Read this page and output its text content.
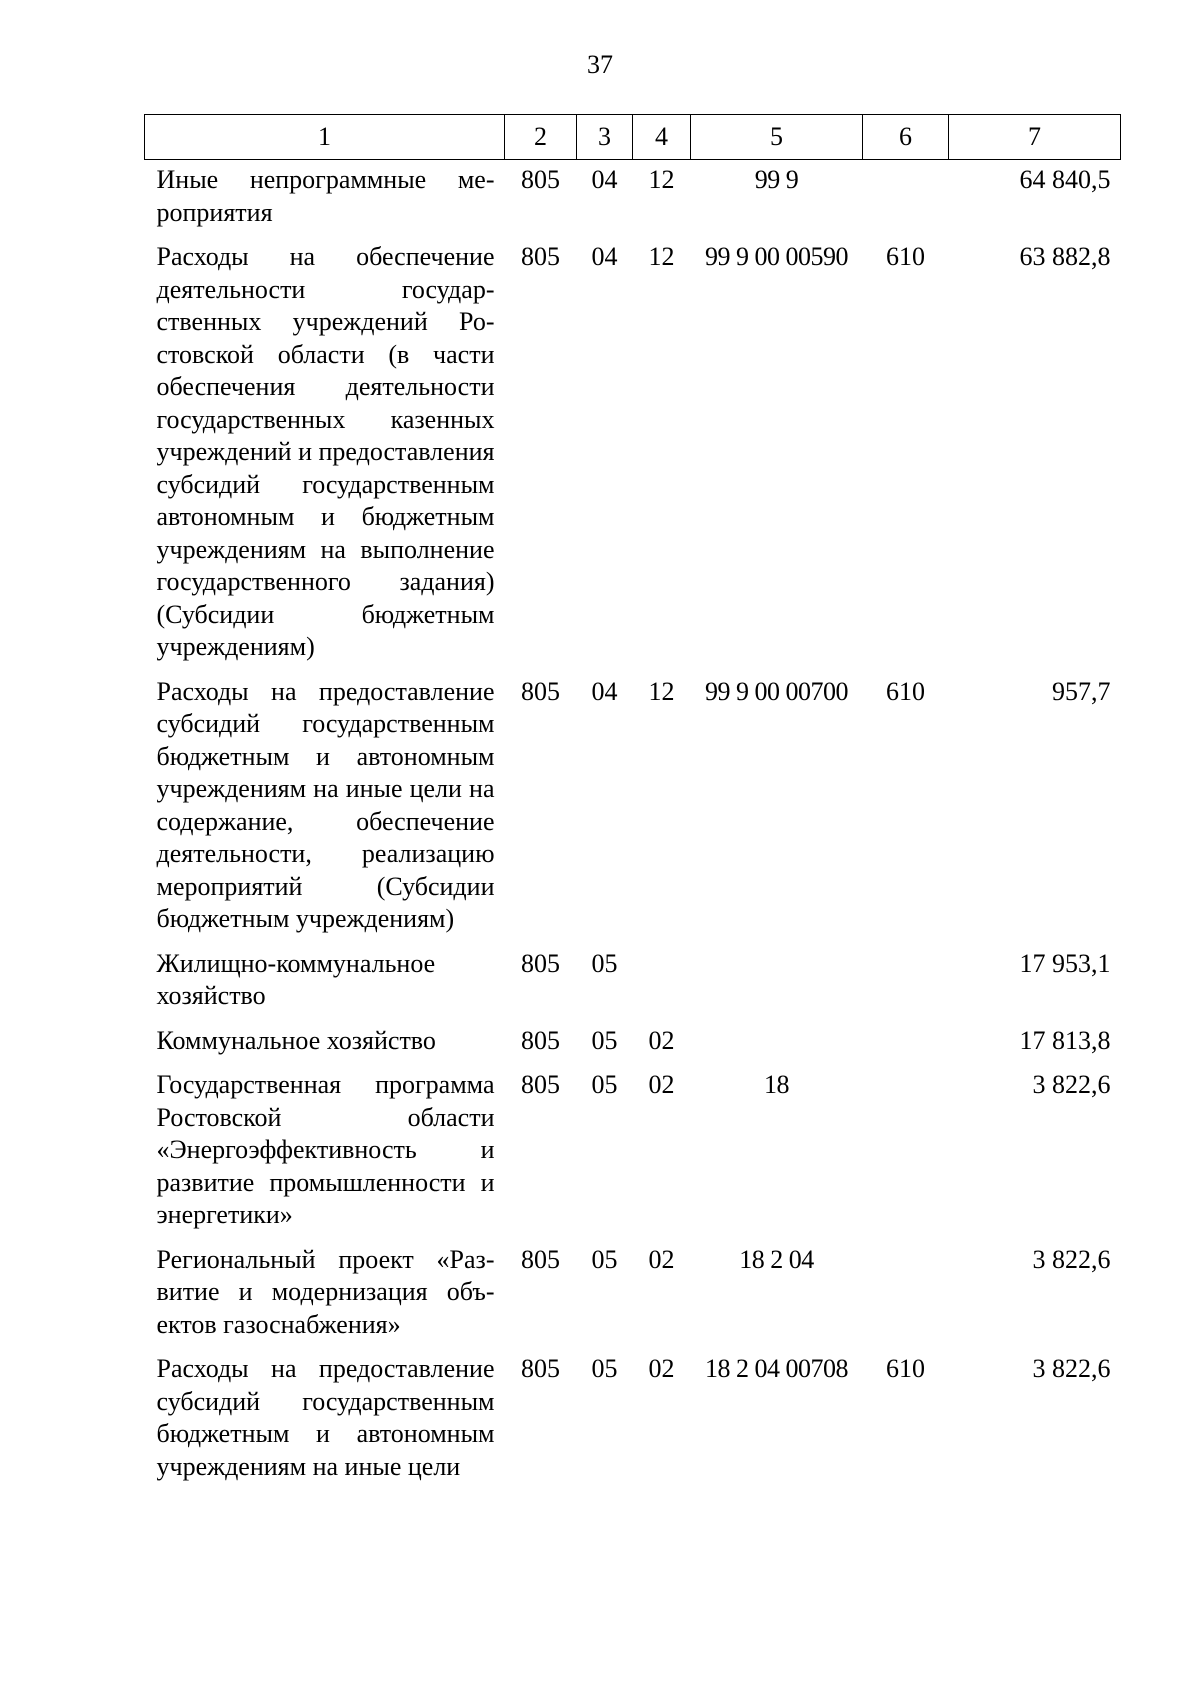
37
1	2	3	4	5	6	7
Иные непрограммные мероприятия	805	04	12	99 9		64 840,5
Расходы на обеспечение деятельности государственных учреждений Ростовской области (в части обеспечения деятельности государственных казенных учреждений и предоставления субсидий государственным автономным и бюджетным учреждениям на выполнение государственного задания) (Субсидии бюджетным учреждениям)	805	04	12	99 9 00 00590	610	63 882,8
Расходы на предоставление субсидий государственным бюджетным и автономным учреждениям на иные цели на содержание, обеспечение деятельности, реализацию мероприятий (Субсидии бюджетным учреждениям)	805	04	12	99 9 00 00700	610	957,7
Жилищно-коммунальное хозяйство	805	05				17 953,1
Коммунальное хозяйство	805	05	02			17 813,8
Государственная программа Ростовской области «Энергоэффективность и развитие промышленности и энергетики»	805	05	02	18		3 822,6
Региональный проект «Развитие и модернизация объектов газоснабжения»	805	05	02	18 2 04		3 822,6
Расходы на предоставление субсидий государственным бюджетным и автономным учреждениям на иные цели	805	05	02	18 2 04 00708	610	3 822,6
